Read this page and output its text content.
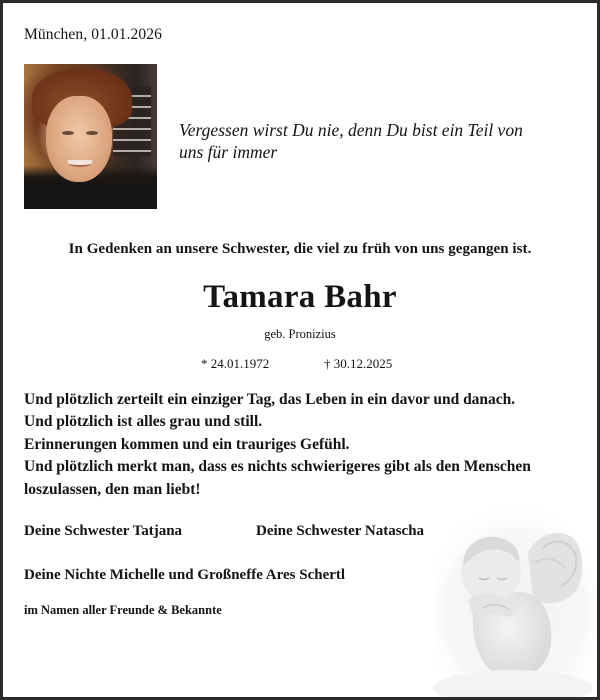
München, 01.01.2026
Vergessen wirst Du nie, denn Du bist ein Teil von
uns für immer
In Gedenken an unsere Schwester, die viel zu früh von uns gegangen ist.
Tamara Bahr
geb. Pronizius
* 24.01.1972	† 30.12.2025
Und plötzlich zerteilt ein einziger Tag, das Leben in ein davor und danach.
Und plötzlich ist alles grau und still.
Erinnerungen kommen und ein trauriges Gefühl.
Und plötzlich merkt man, dass es nichts schwierigeres gibt als den Menschen
loszulassen, den man liebt!
Deine Schwester Tatjana	Deine Schwester Natascha
Deine Nichte Michelle und Großneffe Ares Schertl
im Namen aller Freunde & Bekannte
